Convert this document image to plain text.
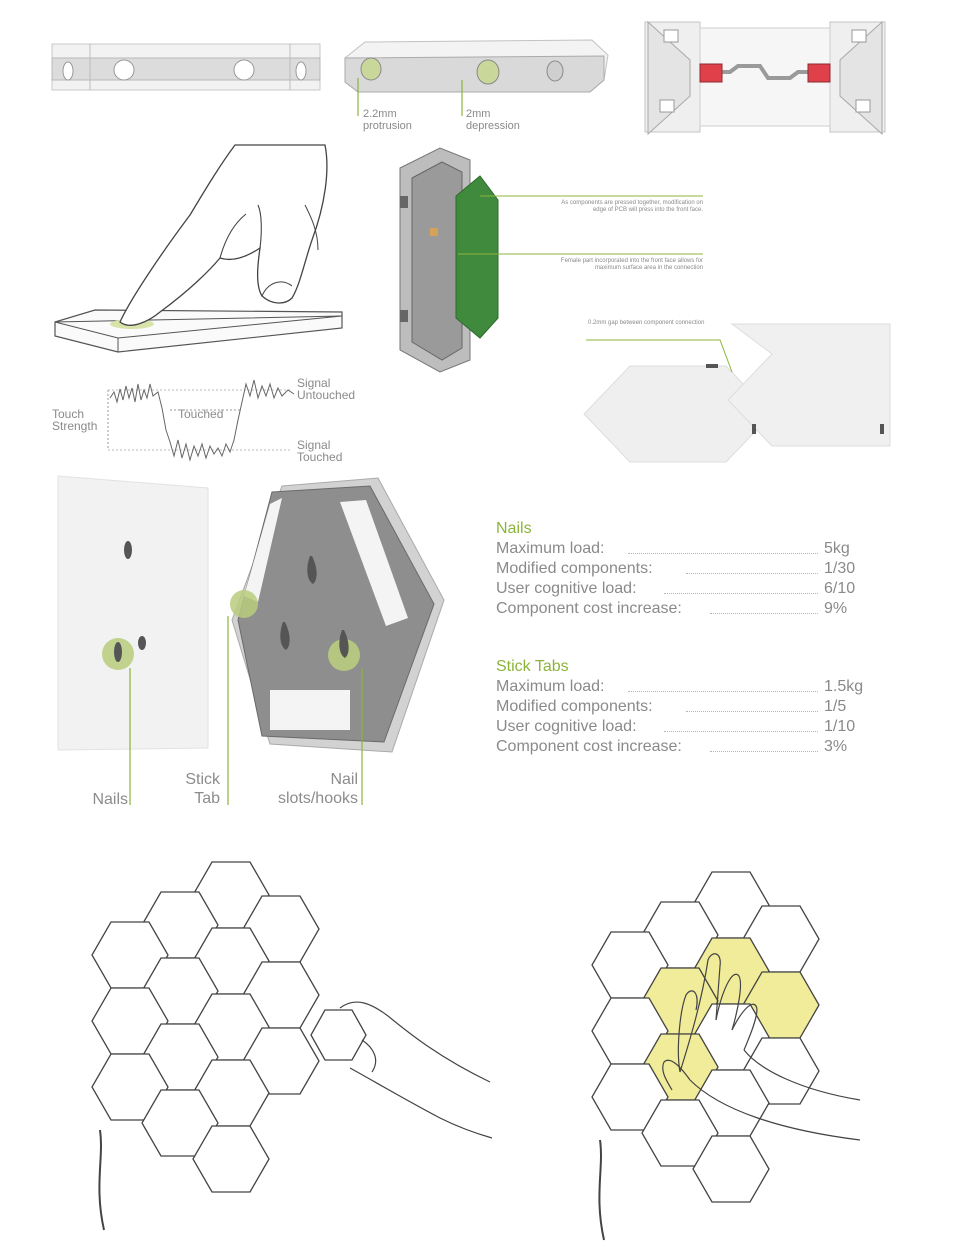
2.2mm
protrusion
2mm
depression
As components are pressed together, modification on edge of PCB will press into the front face.
Female part incorporated into the front face allows for maximum surface area in the connection
0.2mm gap between component connection
Touch
Strength
Touched
Signal
Untouched
Signal
Touched
Nails
Stick
Tab
Nail
slots/hooks
Nails
Maximum load:	5kg
Modified components:	1/30
User cognitive load:	6/10
Component cost increase:	9%
Stick Tabs
Maximum load:	1.5kg
Modified components:	1/5
User cognitive load:	1/10
Component cost increase:	3%
